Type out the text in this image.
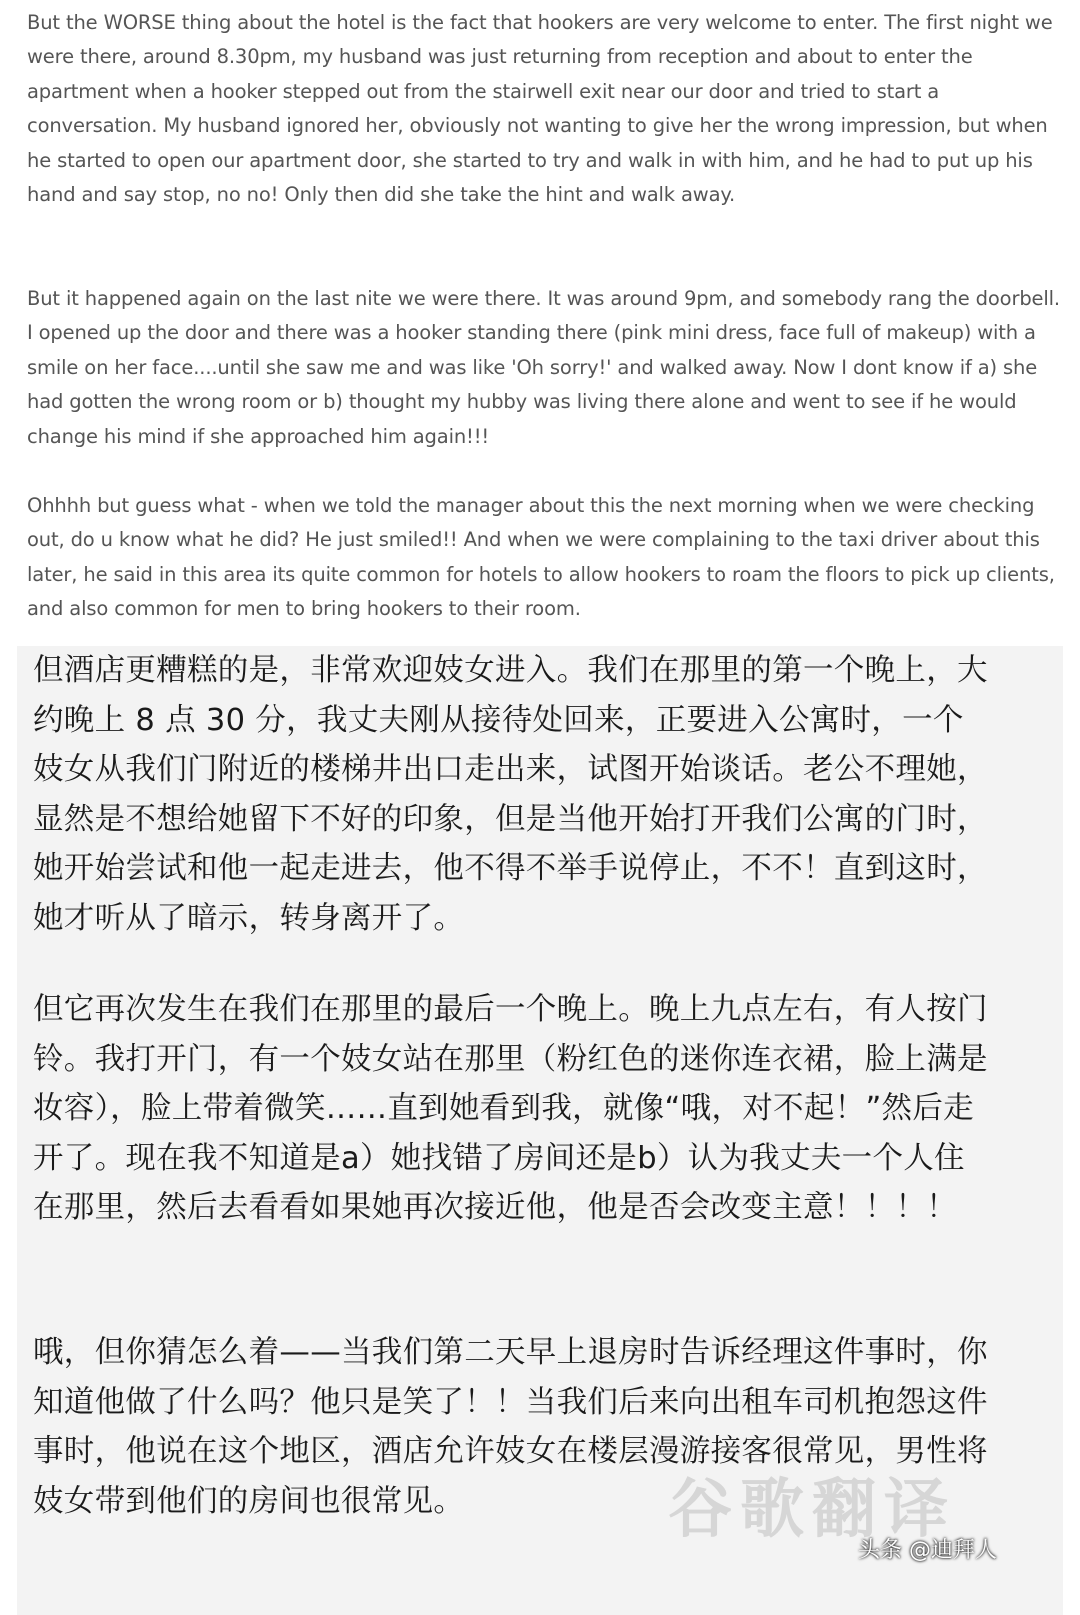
But the WORSE thing about the hotel is the fact that hookers are very welcome to enter. The first night we were there, around 8.30pm, my husband was just returning from reception and about to enter the apartment when a hooker stepped out from the stairwell exit near our door and tried to start a conversation. My husband ignored her, obviously not wanting to give her the wrong impression, but when he started to open our apartment door, she started to try and walk in with him, and he had to put up his hand and say stop, no no! Only then did she take the hint and walk away.

But it happened again on the last nite we were there. It was around 9pm, and somebody rang the doorbell. I opened up the door and there was a hooker standing there (pink mini dress, face full of makeup) with a smile on her face....until she saw me and was like 'Oh sorry!' and walked away. Now I dont know if a) she had gotten the wrong room or b) thought my hubby was living there alone and went to see if he would change his mind if she approached him again!!!

Ohhhh but guess what - when we told the manager about this the next morning when we were checking out, do u know what he did? He just smiled!! And when we were complaining to the taxi driver about this later, he said in this area its quite common for hotels to allow hookers to roam the floors to pick up clients, and also common for men to bring hookers to their room.

但酒店更糟糕的是，非常欢迎妓女进入。我们在那里的第一个晚上，大约晚上 8 点 30 分，我丈夫刚从接待处回来，正要进入公寓时，一个妓女从我们门附近的楼梯井出口走出来，试图开始谈话。老公不理她，显然是不想给她留下不好的印象，但是当他开始打开我们公寓的门时，她开始尝试和他一起走进去，他不得不举手说停止，不不！直到这时，她才听从了暗示，转身离开了。

但它再次发生在我们在那里的最后一个晚上。晚上九点左右，有人按门铃。我打开门，有一个妓女站在那里（粉红色的迷你连衣裙，脸上满是妆容），脸上带着微笑……直到她看到我，就像“哦，对不起！”然后走开了。现在我不知道是a）她找错了房间还是b）认为我丈夫一个人住在那里，然后去看看如果她再次接近他，他是否会改变主意！！！！

哦，但你猜怎么着——当我们第二天早上退房时告诉经理这件事时，你知道他做了什么吗？他只是笑了！！当我们后来向出租车司机抱怨这件事时，他说在这个地区，酒店允许妓女在楼层漫游接客很常见，男性将妓女带到他们的房间也很常见。	谷歌翻译
头条 @迪拜人
